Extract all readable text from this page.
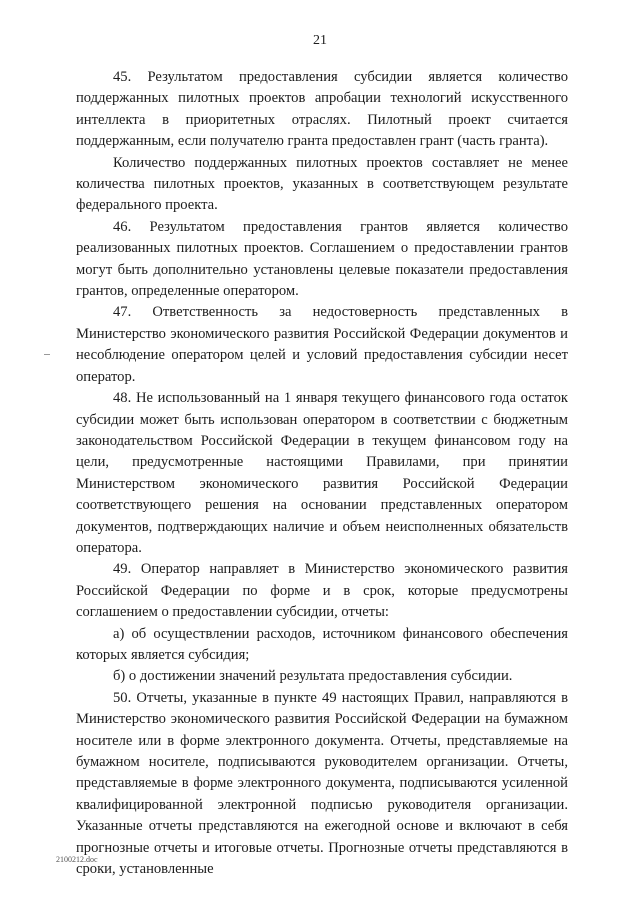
21

45. Результатом предоставления субсидии является количество поддержанных пилотных проектов апробации технологий искусственного интеллекта в приоритетных отраслях. Пилотный проект считается поддержанным, если получателю гранта предоставлен грант (часть гранта).

Количество поддержанных пилотных проектов составляет не менее количества пилотных проектов, указанных в соответствующем результате федерального проекта.

46. Результатом предоставления грантов является количество реализованных пилотных проектов. Соглашением о предоставлении грантов могут быть дополнительно установлены целевые показатели предоставления грантов, определенные оператором.

47. Ответственность за недостоверность представленных в Министерство экономического развития Российской Федерации документов и несоблюдение оператором целей и условий предоставления субсидии несет оператор.

48. Не использованный на 1 января текущего финансового года остаток субсидии может быть использован оператором в соответствии с бюджетным законодательством Российской Федерации в текущем финансовом году на цели, предусмотренные настоящими Правилами, при принятии Министерством экономического развития Российской Федерации соответствующего решения на основании представленных оператором документов, подтверждающих наличие и объем неисполненных обязательств оператора.

49. Оператор направляет в Министерство экономического развития Российской Федерации по форме и в срок, которые предусмотрены соглашением о предоставлении субсидии, отчеты:

а) об осуществлении расходов, источником финансового обеспечения которых является субсидия;

б) о достижении значений результата предоставления субсидии.

50. Отчеты, указанные в пункте 49 настоящих Правил, направляются в Министерство экономического развития Российской Федерации на бумажном носителе или в форме электронного документа. Отчеты, представляемые на бумажном носителе, подписываются руководителем организации. Отчеты, представляемые в форме электронного документа, подписываются усиленной квалифицированной электронной подписью руководителя организации. Указанные отчеты представляются на ежегодной основе и включают в себя прогнозные отчеты и итоговые отчеты. Прогнозные отчеты представляются в сроки, установленные

2100212.doc
